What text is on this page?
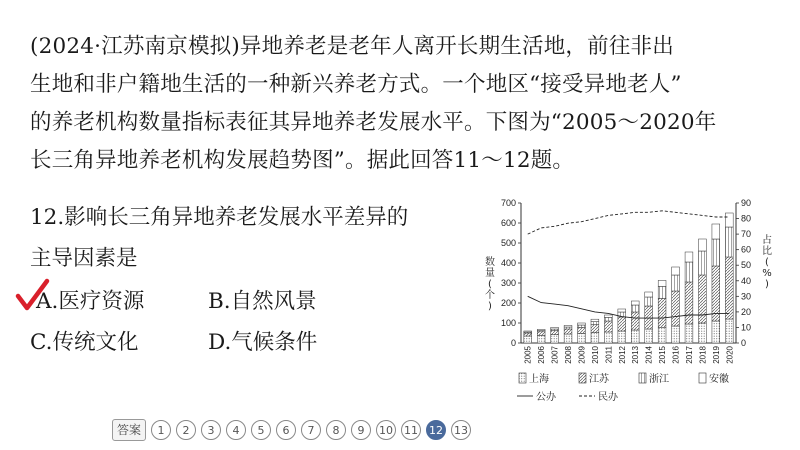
(2024·江苏南京模拟)异地养老是老年人离开长期生活地，前往非出
生地和非户籍地生活的一种新兴养老方式。一个地区“接受异地老人”
的养老机构数量指标表征其异地养老发展水平。下图为“2005～2020年
长三角异地养老机构发展趋势图”。据此回答11～12题。
12.影响长三角异地养老发展水平差异的
主导因素是
A.医疗资源	B.自然风景
C.传统文化	D.气候条件	0
100
200
300
400
500
600
700
0
10
20
30
40
50
60
70
80
90
数
量
(
个
)
占
比
(
%
)
2005 2006 2007 2008 2009 2010 2011 2012 2013 2014 2015 2016 2017 2018 2019 2020
上海	江苏	浙江	安徽
公办	民办
答案	1	2	3	4	5	6	7	8	9	10 11 12 13
